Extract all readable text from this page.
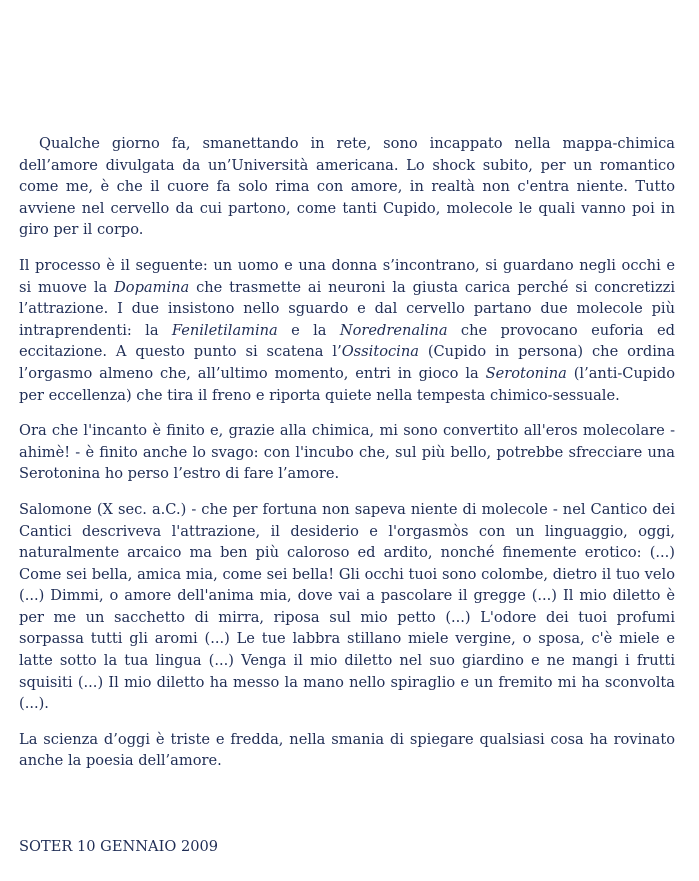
Qualche giorno fa, smanettando in rete, sono incappato nella mappa-chimica dell’amore divulgata da un’Università americana. Lo shock subito, per un romantico come me, è che il cuore fa solo rima con amore, in realtà non c'entra niente. Tutto avviene nel cervello da cui partono, come tanti Cupido, molecole le quali vanno poi in giro per il corpo.

Il processo è il seguente: un uomo e una donna s’incontrano, si guardano negli occhi e si muove la Dopamina che trasmette ai neuroni la giusta carica perché si concretizzi l’attrazione. I due insistono nello sguardo e dal cervello partano due molecole più intraprendenti: la Feniletilamina e la Noredrenalina che provocano euforia ed eccitazione. A questo punto si scatena l’Ossitocina (Cupido in persona) che ordina l’orgasmo almeno che, all’ultimo momento, entri in gioco la Serotonina (l’anti-Cupido per eccellenza) che tira il freno e riporta quiete nella tempesta chimico-sessuale.

Ora che l'incanto è finito e, grazie alla chimica, mi sono convertito all'eros molecolare - ahimè! - è finito anche lo svago: con l'incubo che, sul più bello, potrebbe sfrecciare una Serotonina ho perso l’estro di fare l’amore.

Salomone (X sec. a.C.) - che per fortuna non sapeva niente di molecole - nel Cantico dei Cantici descriveva l'attrazione, il desiderio e l'orgasmòs con un linguaggio, oggi, naturalmente arcaico ma ben più caloroso ed ardito, nonché finemente erotico: (...) Come sei bella, amica mia, come sei bella! Gli occhi tuoi sono colombe, dietro il tuo velo (...) Dimmi, o amore dell'anima mia, dove vai a pascolare il gregge (...) Il mio diletto è per me un sacchetto di mirra, riposa sul mio petto (...) L'odore dei tuoi profumi sorpassa tutti gli aromi (...) Le tue labbra stillano miele vergine, o sposa, c'è miele e latte sotto la tua lingua (...) Venga il mio diletto nel suo giardino e ne mangi i frutti squisiti (...) Il mio diletto ha messo la mano nello spiraglio e un fremito mi ha sconvolta (...).

La scienza d’oggi è triste e fredda, nella smania di spiegare qualsiasi cosa ha rovinato anche la poesia dell’amore.

SOTER 10 GENNAIO 2009
